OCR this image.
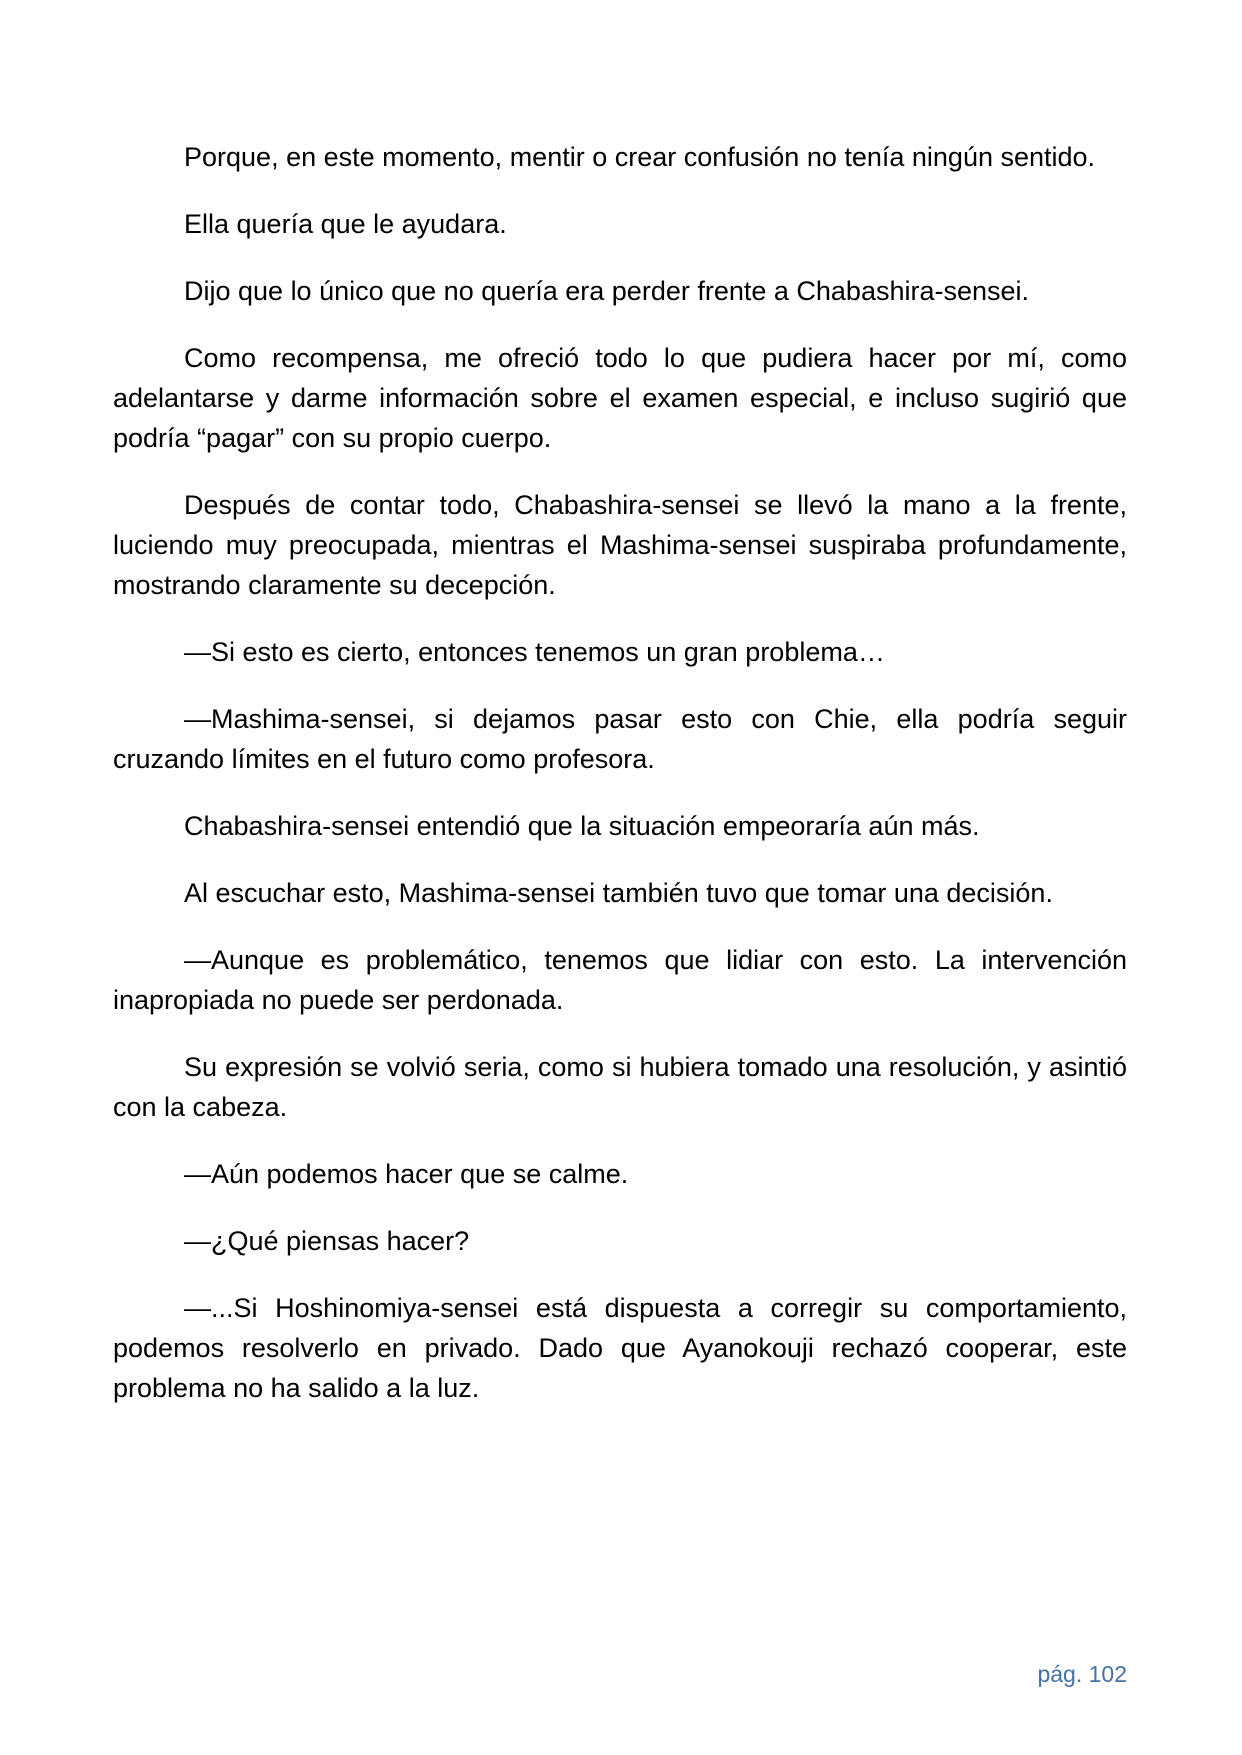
Porque, en este momento, mentir o crear confusión no tenía ningún sentido.

Ella quería que le ayudara.

Dijo que lo único que no quería era perder frente a Chabashira-sensei.

Como recompensa, me ofreció todo lo que pudiera hacer por mí, como adelantarse y darme información sobre el examen especial, e incluso sugirió que podría “pagar” con su propio cuerpo.

Después de contar todo, Chabashira-sensei se llevó la mano a la frente, luciendo muy preocupada, mientras el Mashima-sensei suspiraba profundamente, mostrando claramente su decepción.

—Si esto es cierto, entonces tenemos un gran problema…

—Mashima-sensei, si dejamos pasar esto con Chie, ella podría seguir cruzando límites en el futuro como profesora.

Chabashira-sensei entendió que la situación empeoraría aún más.

Al escuchar esto, Mashima-sensei también tuvo que tomar una decisión.

—Aunque es problemático, tenemos que lidiar con esto. La intervención inapropiada no puede ser perdonada.

Su expresión se volvió seria, como si hubiera tomado una resolución, y asintió con la cabeza.

—Aún podemos hacer que se calme.

—¿Qué piensas hacer?

—...Si Hoshinomiya-sensei está dispuesta a corregir su comportamiento, podemos resolverlo en privado. Dado que Ayanokouji rechazó cooperar, este problema no ha salido a la luz.

pág. 102
